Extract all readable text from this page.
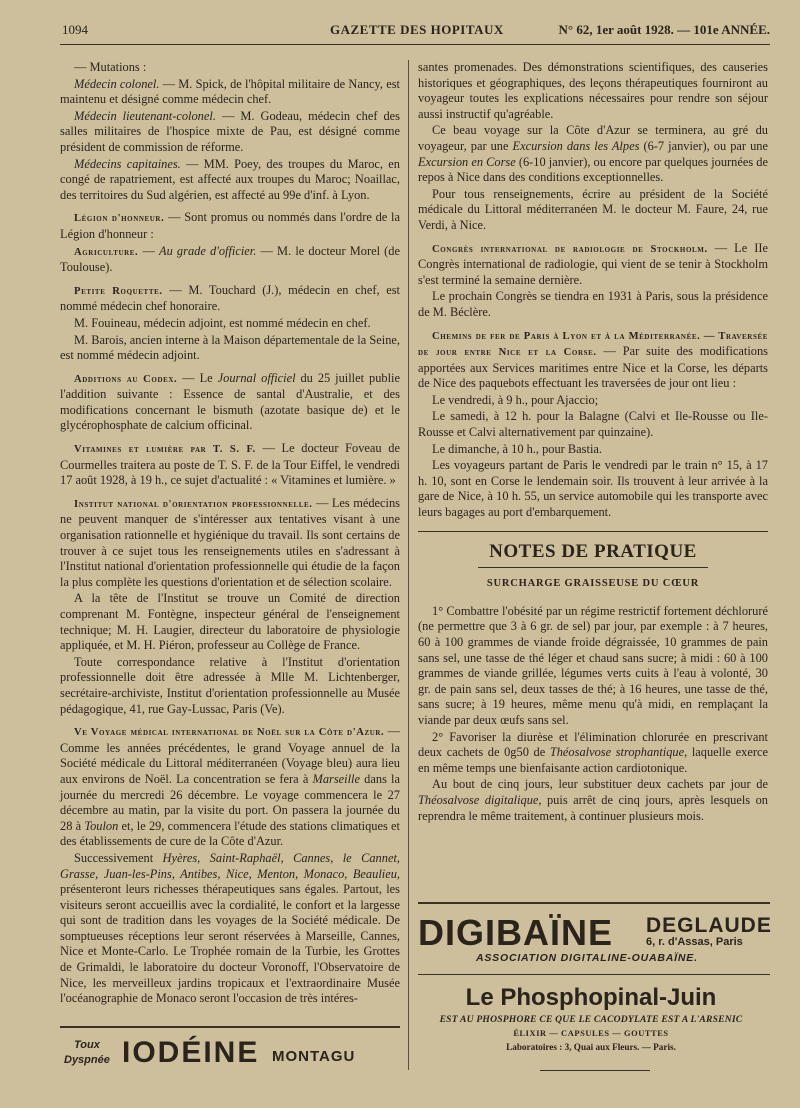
1094	GAZETTE DES HOPITAUX	N° 62, 1er août 1928. — 101e ANNÉE.

— Mutations :

Médecin colonel. — M. Spick, de l'hôpital militaire de Nancy, est maintenu et désigné comme médecin chef.

Médecin lieutenant-colonel. — M. Godeau, médecin chef des salles militaires de l'hospice mixte de Pau, est désigné comme président de commission de réforme.

Médecins capitaines. — MM. Poey, des troupes du Maroc, en congé de rapatriement, est affecté aux troupes du Maroc; Noaillac, des territoires du Sud algérien, est affecté au 99e d'inf. à Lyon.

Légion d'honneur. — Sont promus ou nommés dans l'ordre de la Légion d'honneur :

Agriculture. — Au grade d'officier. — M. le docteur Morel (de Toulouse).

Petite Roquette. — M. Touchard (J.), médecin en chef, est nommé médecin chef honoraire.

M. Fouineau, médecin adjoint, est nommé médecin en chef.

M. Barois, ancien interne à la Maison départementale de la Seine, est nommé médecin adjoint.

Additions au Codex. — Le Journal officiel du 25 juillet publie l'addition suivante : Essence de santal d'Australie, et des modifications concernant le bismuth (azotate basique de) et le glycérophosphate de calcium officinal.

Vitamines et lumière par T. S. F. — Le docteur Foveau de Courmelles traitera au poste de T. S. F. de la Tour Eiffel, le vendredi 17 août 1928, à 19 h., ce sujet d'actualité : « Vitamines et lumière. »

Institut national d'orientation professionnelle. — Les médecins ne peuvent manquer de s'intéresser aux tentatives visant à une organisation rationnelle et hygiénique du travail. Ils sont certains de trouver à ce sujet tous les renseignements utiles en s'adressant à l'Institut national d'orientation professionnelle qui étudie de la façon la plus complète les questions d'orientation et de sélection scolaire.

A la tête de l'Institut se trouve un Comité de direction comprenant M. Fontègne, inspecteur général de l'enseignement technique; M. H. Laugier, directeur du laboratoire de physiologie appliquée, et M. H. Piéron, professeur au Collège de France.

Toute correspondance relative à l'Institut d'orientation professionnelle doit être adressée à Mlle M. Lichtenberger, secrétaire-archiviste, Institut d'orientation professionnelle au Musée pédagogique, 41, rue Gay-Lussac, Paris (Ve).

Ve Voyage médical international de Noël sur la Côte d'Azur. — Comme les années précédentes, le grand Voyage annuel de la Société médicale du Littoral méditerranéen (Voyage bleu) aura lieu aux environs de Noël. La concentration se fera à Marseille dans la journée du mercredi 26 décembre. Le voyage commencera le 27 décembre au matin, par la visite du port. On passera la journée du 28 à Toulon et, le 29, commencera l'étude des stations climatiques et des établissements de cure de la Côte d'Azur.

Successivement Hyères, Saint-Raphaël, Cannes, le Cannet, Grasse, Juan-les-Pins, Antibes, Nice, Menton, Monaco, Beaulieu, présenteront leurs richesses thérapeutiques sans égales. Partout, les visiteurs seront accueillis avec la cordialité, le confort et la largesse qui sont de tradition dans les voyages de la Société médicale. De somptueuses réceptions leur seront réservées à Marseille, Cannes, Nice et Monte-Carlo. Le Trophée romain de la Turbie, les Grottes de Grimaldi, le laboratoire du docteur Voronoff, l'Observatoire de Nice, les merveilleux jardins tropicaux et l'extraordinaire Musée l'océanographie de Monaco seront l'occasion de très intéres-

santes promenades. Des démonstrations scientifiques, des causeries historiques et géographiques, des leçons thérapeutiques fourniront au voyageur toutes les explications nécessaires pour rendre son séjour aussi instructif qu'agréable.

Ce beau voyage sur la Côte d'Azur se terminera, au gré du voyageur, par une Excursion dans les Alpes (6-7 janvier), ou par une Excursion en Corse (6-10 janvier), ou encore par quelques journées de repos à Nice dans des conditions exceptionnelles.

Pour tous renseignements, écrire au président de la Société médicale du Littoral méditerranéen M. le docteur M. Faure, 24, rue Verdi, à Nice.

Congrès international de radiologie de Stockholm. — Le IIe Congrès international de radiologie, qui vient de se tenir à Stockholm s'est terminé la semaine dernière.

Le prochain Congrès se tiendra en 1931 à Paris, sous la présidence de M. Béclère.

Chemins de fer de Paris à Lyon et à la Méditerranée. — Traversée de jour entre Nice et la Corse. — Par suite des modifications apportées aux Services maritimes entre Nice et la Corse, les départs de Nice des paquebots effectuant les traversées de jour ont lieu :

Le vendredi, à 9 h., pour Ajaccio;

Le samedi, à 12 h. pour la Balagne (Calvi et Ile-Rousse ou Ile-Rousse et Calvi alternativement par quinzaine).

Le dimanche, à 10 h., pour Bastia.

Les voyageurs partant de Paris le vendredi par le train n° 15, à 17 h. 10, sont en Corse le lendemain soir. Ils trouvent à leur arrivée à la gare de Nice, à 10 h. 55, un service automobile qui les transporte avec leurs bagages au port d'embarquement.

NOTES DE PRATIQUE
SURCHARGE GRAISSEUSE DU CŒUR

1° Combattre l'obésité par un régime restrictif fortement déchloruré (ne permettre que 3 à 6 gr. de sel) par jour, par exemple : à 7 heures, 60 à 100 grammes de viande froide dégraissée, 10 grammes de pain sans sel, une tasse de thé léger et chaud sans sucre; à midi : 60 à 100 grammes de viande grillée, légumes verts cuits à l'eau à volonté, 30 gr. de pain sans sel, deux tasses de thé; à 16 heures, une tasse de thé, sans sucre; à 19 heures, même menu qu'à midi, en remplaçant la viande par deux œufs sans sel.

2° Favoriser la diurèse et l'élimination chlorurée en prescrivant deux cachets de 0g50 de Théosalvose strophantique, laquelle exerce en même temps une bienfaisante action cardiotonique.

Au bout de cinq jours, leur substituer deux cachets par jour de Théosalvose digitalique, puis arrêt de cinq jours, après lesquels on reprendra le même traitement, à continuer plusieurs mois.

DIGIBAÏNE DEGLAUDE
6, r. d'Assas, Paris
ASSOCIATION DIGITALINE-OUABAÏNE.
Le Phosphopinal-Juin
EST AU PHOSPHORE CE QUE LE CACODYLATE EST A L'ARSENIC
ÉLIXIR — CAPSULES — GOUTTES
Laboratoires : 3, Quai aux Fleurs. — Paris.
Toux
Dyspnée IODÉINE MONTAGU
